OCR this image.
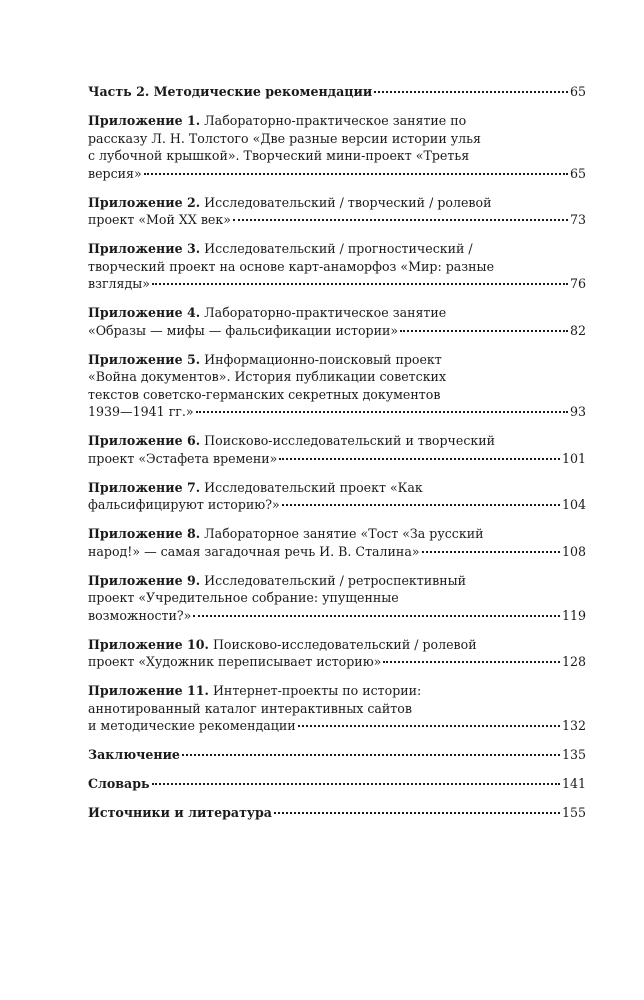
Часть 2. Методические рекомендации	65
Приложение 1. Лабораторно-практическое занятие по
рассказу Л. Н. Толстого «Две разные версии истории улья
с лубочной крышкой». Творческий мини-проект «Третья
версия»	65
Приложение 2. Исследовательский / творческий / ролевой
проект «Мой XX век»	73
Приложение 3. Исследовательский / прогностический /
творческий проект на основе карт-анаморфоз «Мир: разные
взгляды»	76
Приложение 4. Лабораторно-практическое занятие
«Образы — мифы — фальсификации истории»	82
Приложение 5. Информационно-поисковый проект
«Война документов». История публикации советских
текстов советско-германских секретных документов
1939—1941 гг.»	93
Приложение 6. Поисково-исследовательский и творческий
проект «Эстафета времени»	101
Приложение 7. Исследовательский проект «Как
фальсифицируют историю?»	104
Приложение 8. Лабораторное занятие «Тост «За русский
народ!» — самая загадочная речь И. В. Сталина»	108
Приложение 9. Исследовательский / ретроспективный
проект «Учредительное собрание: упущенные
возможности?»	119
Приложение 10. Поисково-исследовательский / ролевой
проект «Художник переписывает историю»	128
Приложение 11. Интернет-проекты по истории:
аннотированный каталог интерактивных сайтов
и методические рекомендации	132
Заключение	135
Словарь	141
Источники и литература	155
